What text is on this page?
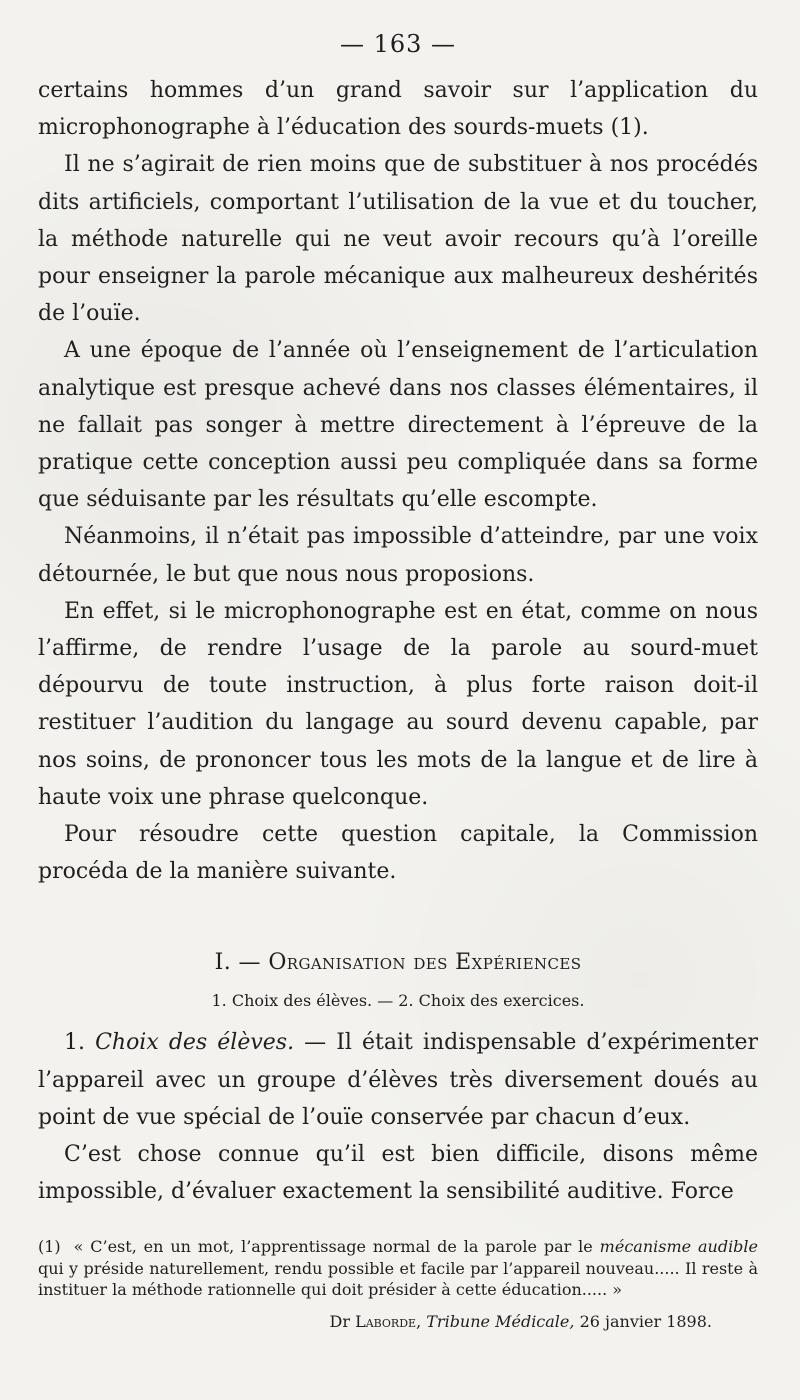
— 163 —

certains hommes d’un grand savoir sur l’application du microphonographe à l’éducation des sourds-muets (1).

Il ne s’agirait de rien moins que de substituer à nos procédés dits artificiels, comportant l’utilisation de la vue et du toucher, la méthode naturelle qui ne veut avoir recours qu’à l’oreille pour enseigner la parole mécanique aux malheureux deshérités de l’ouïe.

A une époque de l’année où l’enseignement de l’articulation analytique est presque achevé dans nos classes élémentaires, il ne fallait pas songer à mettre directement à l’épreuve de la pratique cette conception aussi peu compliquée dans sa forme que séduisante par les résultats qu’elle escompte.

Néanmoins, il n’était pas impossible d’atteindre, par une voix détournée, le but que nous nous proposions.

En effet, si le microphonographe est en état, comme on nous l’affirme, de rendre l’usage de la parole au sourd-muet dépourvu de toute instruction, à plus forte raison doit-il restituer l’audition du langage au sourd devenu capable, par nos soins, de prononcer tous les mots de la langue et de lire à haute voix une phrase quelconque.

Pour résoudre cette question capitale, la Commission procéda de la manière suivante.

I. — Organisation des Expériences
1. Choix des élèves. — 2. Choix des exercices.

1. Choix des élèves. — Il était indispensable d’expérimenter l’appareil avec un groupe d’élèves très diversement doués au point de vue spécial de l’ouïe conservée par chacun d’eux.

C’est chose connue qu’il est bien difficile, disons même impossible, d’évaluer exactement la sensibilité auditive. Force

(1) « C’est, en un mot, l’apprentissage normal de la parole par le mécanisme audible qui y préside naturellement, rendu possible et facile par l’appareil nouveau..... Il reste à instituer la méthode rationnelle qui doit présider à cette éducation..... »
Dr Laborde, Tribune Médicale, 26 janvier 1898.
